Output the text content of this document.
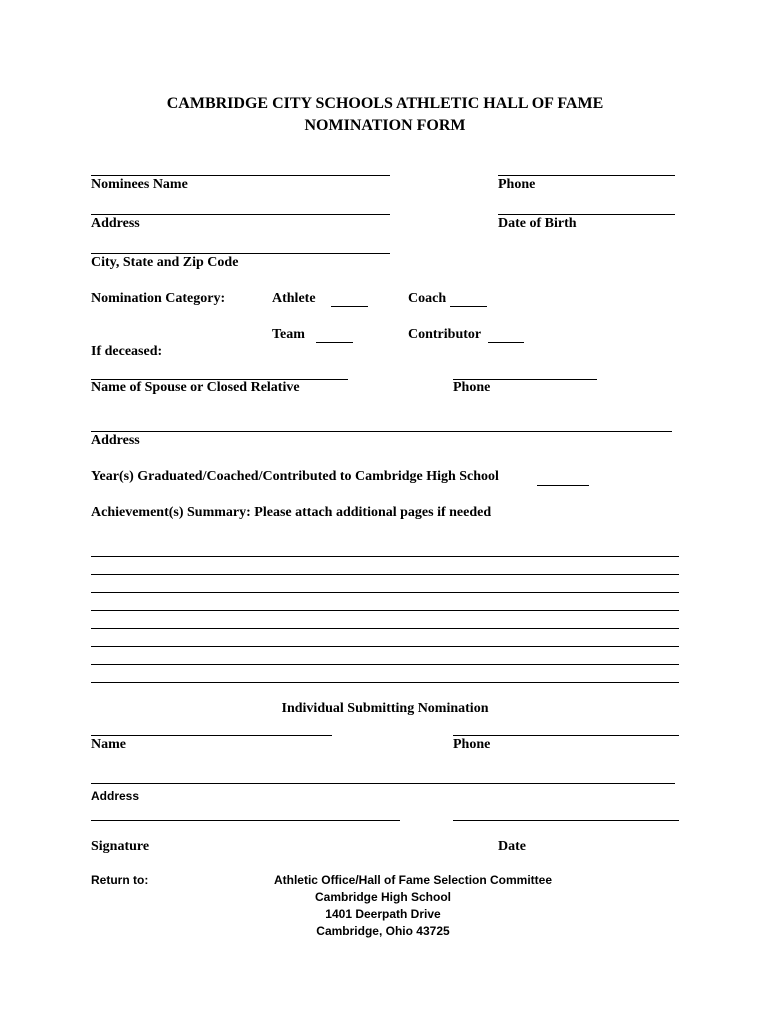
CAMBRIDGE CITY SCHOOLS ATHLETIC HALL OF FAME
NOMINATION FORM
Nominees Name	Phone
Address	Date of Birth
City, State and Zip Code
Nomination Category:	Athlete	Coach
Team	Contributor
If deceased:
Name of Spouse or Closed Relative	Phone
Address
Year(s) Graduated/Coached/Contributed to Cambridge High School
Achievement(s) Summary: Please attach additional pages if needed
Individual Submitting Nomination
Name	Phone
Address
Signature	Date
Return to:	Athletic Office/Hall of Fame Selection Committee
Cambridge High School
1401 Deerpath Drive
Cambridge, Ohio 43725
